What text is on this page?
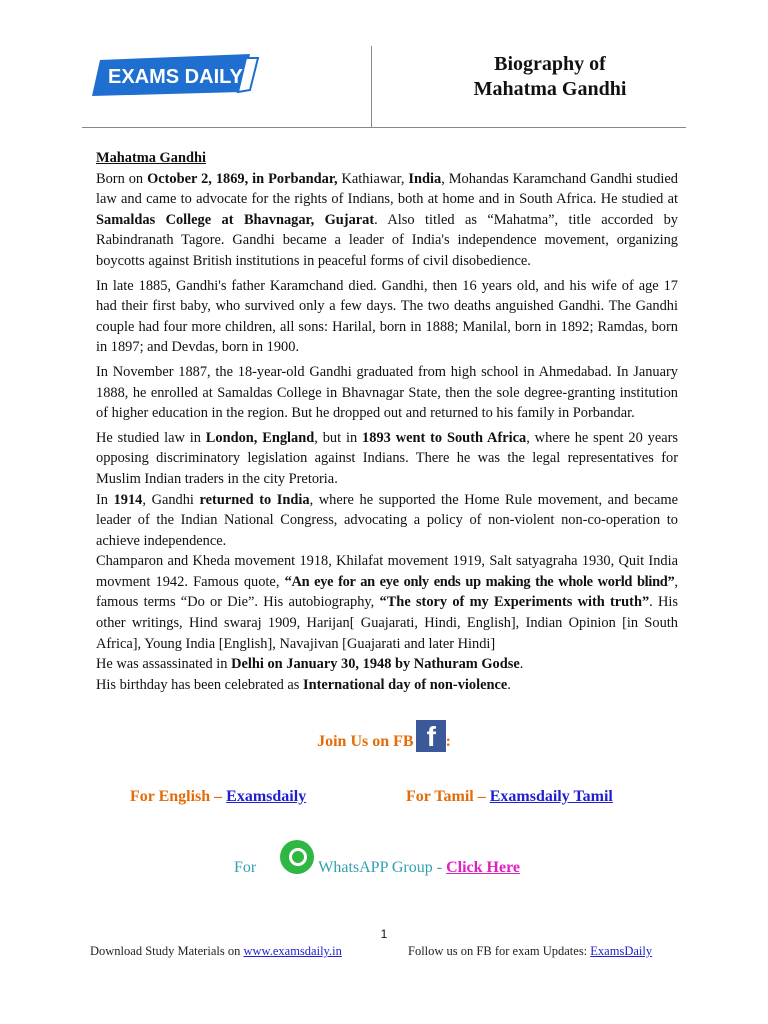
EXAMS DAILY
Biography of
Mahatma Gandhi
Mahatma Gandhi

Born on October 2, 1869, in Porbandar, Kathiawar, India, Mohandas Karamchand Gandhi studied law and came to advocate for the rights of Indians, both at home and in South Africa. He studied at Samaldas College at Bhavnagar, Gujarat. Also titled as “Mahatma”, title accorded by Rabindranath Tagore. Gandhi became a leader of India's independence movement, organizing boycotts against British institutions in peaceful forms of civil disobedience.

In late 1885, Gandhi's father Karamchand died. Gandhi, then 16 years old, and his wife of age 17 had their first baby, who survived only a few days. The two deaths anguished Gandhi. The Gandhi couple had four more children, all sons: Harilal, born in 1888; Manilal, born in 1892; Ramdas, born in 1897; and Devdas, born in 1900.

In November 1887, the 18-year-old Gandhi graduated from high school in Ahmedabad. In January 1888, he enrolled at Samaldas College in Bhavnagar State, then the sole degree-granting institution of higher education in the region. But he dropped out and returned to his family in Porbandar.

He studied law in London, England, but in 1893 went to South Africa, where he spent 20 years opposing discriminatory legislation against Indians. There he was the legal representatives for Muslim Indian traders in the city Pretoria.

In 1914, Gandhi returned to India, where he supported the Home Rule movement, and became leader of the Indian National Congress, advocating a policy of non-violent non-co-operation to achieve independence.

Champaron and Kheda movement 1918, Khilafat movement 1919, Salt satyagraha 1930, Quit India movment 1942. Famous quote, “An eye for an eye only ends up making the whole world blind”, famous terms “Do or Die”. His autobiography, “The story of my Experiments with truth”. His other writings, Hind swaraj 1909, Harijan[ Guajarati, Hindi, English], Indian Opinion [in South Africa], Young India [English], Navajivan [Guajarati and later Hindi]

He was assassinated in Delhi on January 30, 1948 by Nathuram Godse.

His birthday has been celebrated as International day of non-violence.

Join Us on FB f :
For English – Examsdaily	For Tamil – Examsdaily Tamil
For	WhatsAPP Group - Click Here
1
Download Study Materials on www.examsdaily.in	Follow us on FB for exam Updates: ExamsDaily
